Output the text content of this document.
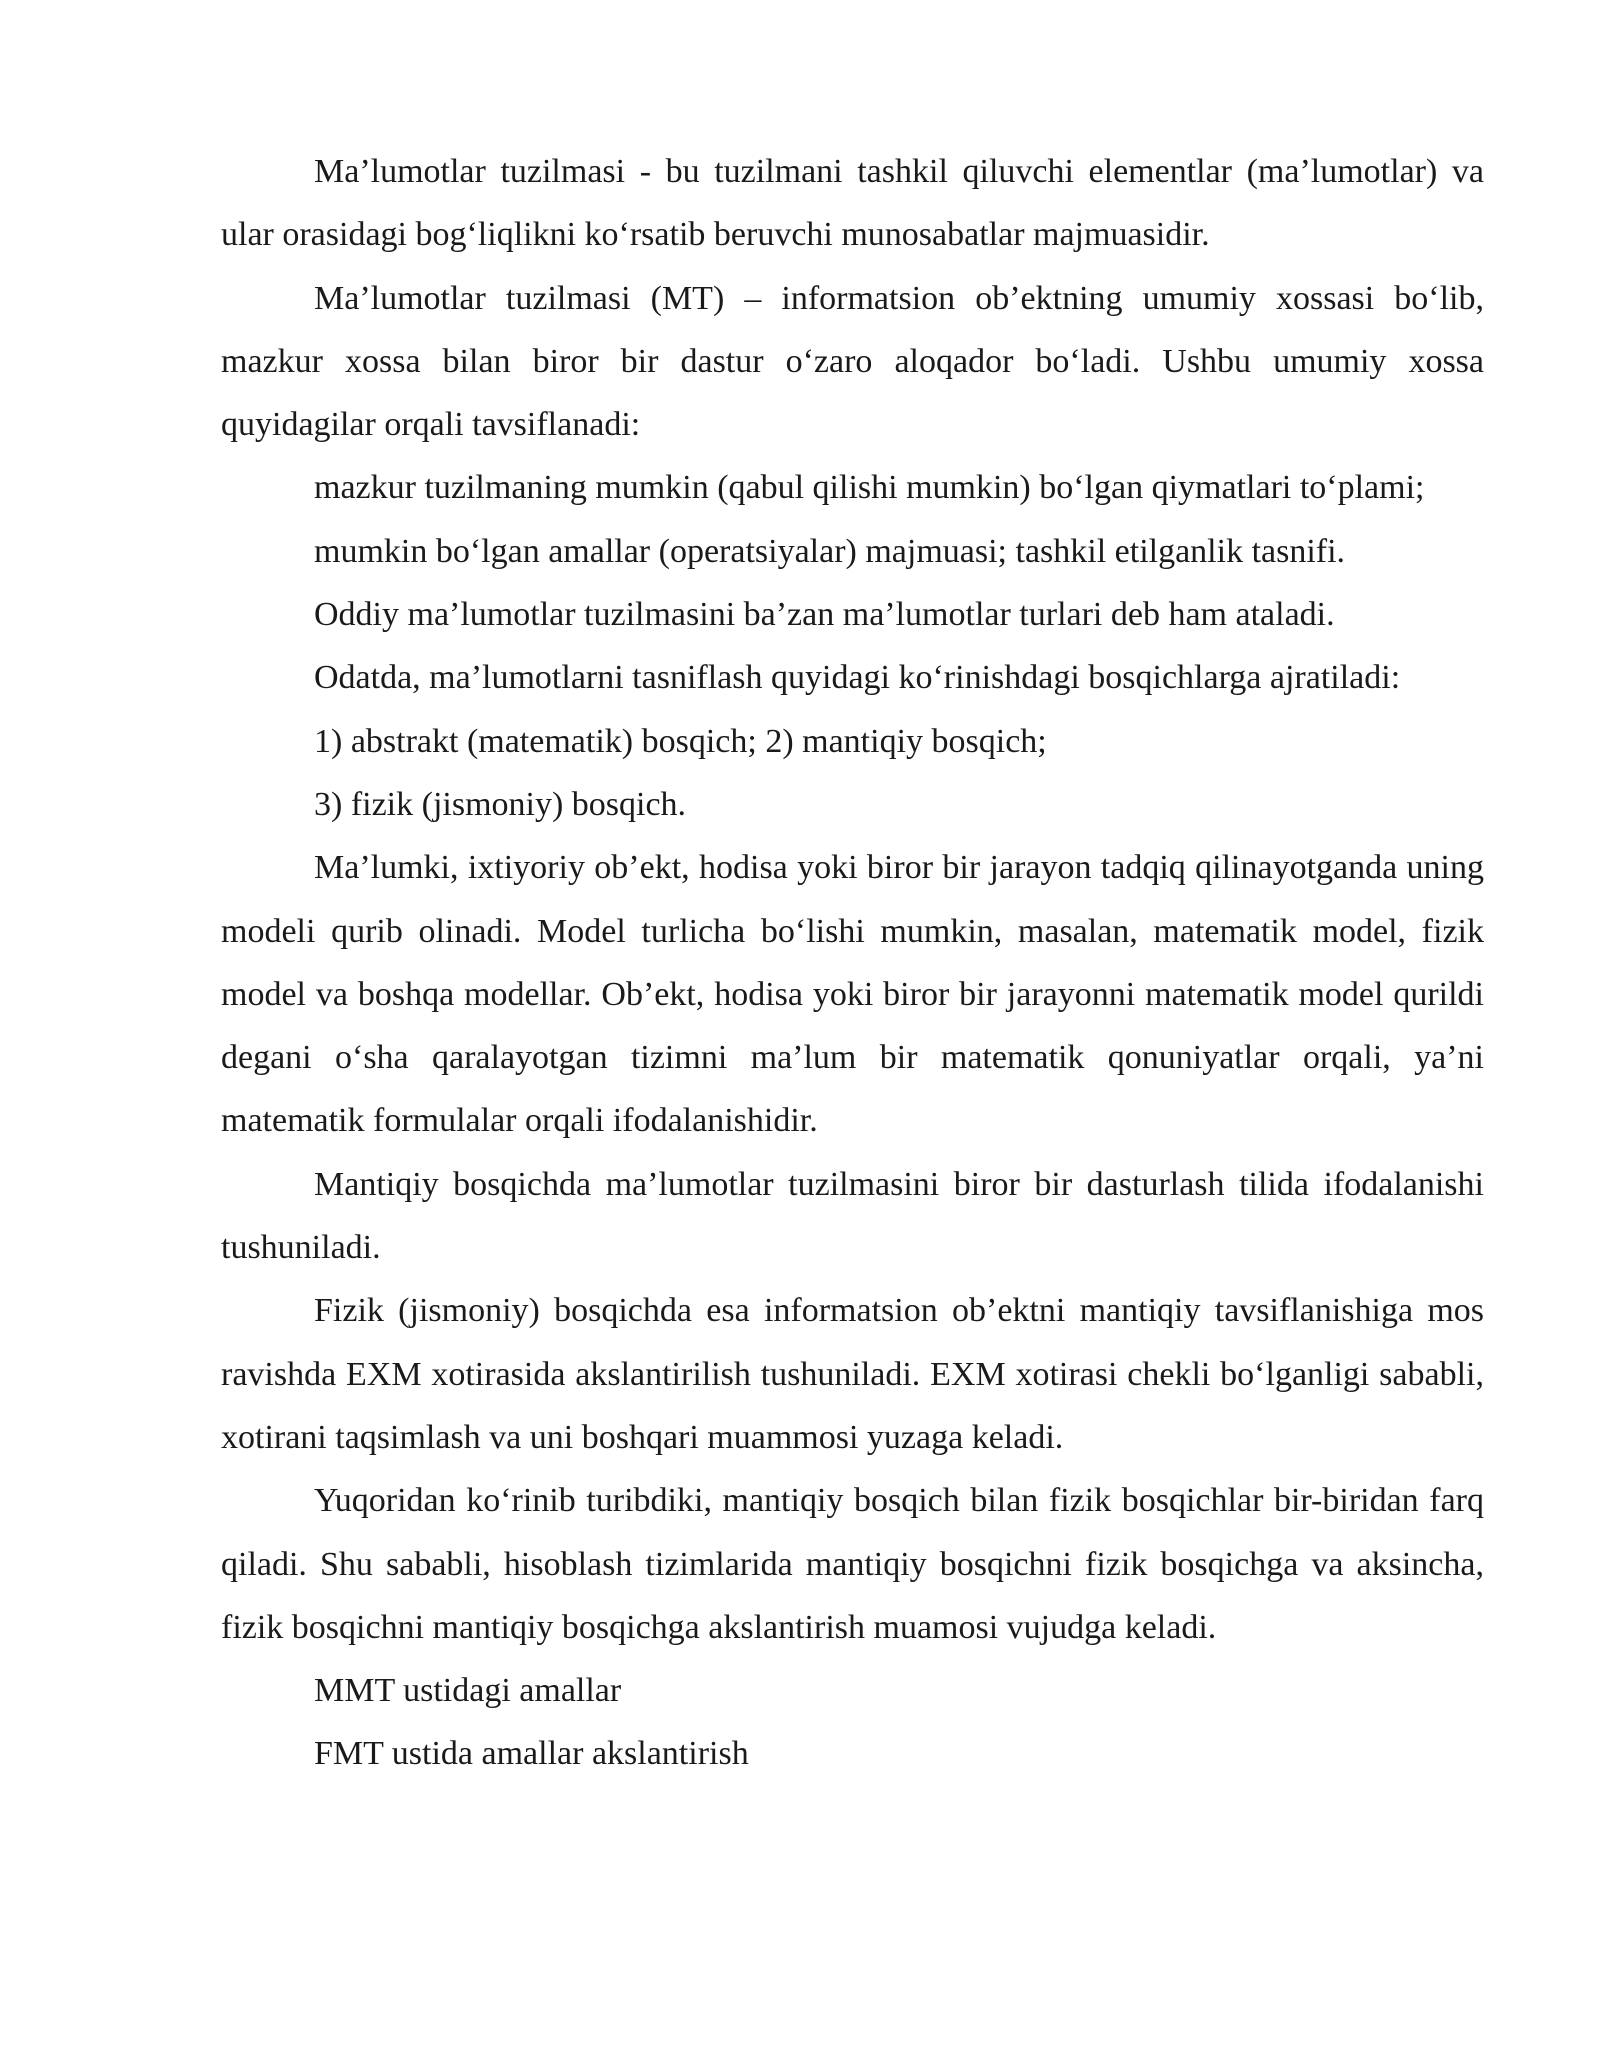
Ma’lumotlar tuzilmasi - bu tuzilmani tashkil qiluvchi elementlar (ma’lumotlar) va ular orasidagi bog‘liqlikni ko‘rsatib beruvchi munosabatlar majmuasidir.

Ma’lumotlar tuzilmasi (MT) – informatsion ob’ektning umumiy xossasi bo‘lib, mazkur xossa bilan biror bir dastur o‘zaro aloqador bo‘ladi. Ushbu umumiy xossa quyidagilar orqali tavsiflanadi:

mazkur tuzilmaning mumkin (qabul qilishi mumkin) bo‘lgan qiymatlari to‘plami;

mumkin bo‘lgan amallar (operatsiyalar) majmuasi; tashkil etilganlik tasnifi.

Oddiy ma’lumotlar tuzilmasini ba’zan ma’lumotlar turlari deb ham ataladi.

Odatda, ma’lumotlarni tasniflash quyidagi ko‘rinishdagi bosqichlarga ajratiladi:

1) abstrakt (matematik) bosqich; 2) mantiqiy bosqich;

3) fizik (jismoniy) bosqich.

Ma’lumki, ixtiyoriy ob’ekt, hodisa yoki biror bir jarayon tadqiq qilinayotganda uning modeli qurib olinadi. Model turlicha bo‘lishi mumkin, masalan, matematik model, fizik model va boshqa modellar. Ob’ekt, hodisa yoki biror bir jarayonni matematik model qurildi degani o‘sha qaralayotgan tizimni ma’lum bir matematik qonuniyatlar orqali, ya’ni matematik formulalar orqali ifodalanishidir.

Mantiqiy bosqichda ma’lumotlar tuzilmasini biror bir dasturlash tilida ifodalanishi tushuniladi.

Fizik (jismoniy) bosqichda esa informatsion ob’ektni mantiqiy tavsiflanishiga mos ravishda EXM xotirasida akslantirilish tushuniladi. EXM xotirasi chekli bo‘lganligi sababli, xotirani taqsimlash va uni boshqari muammosi yuzaga keladi.

Yuqoridan ko‘rinib turibdiki, mantiqiy bosqich bilan fizik bosqichlar bir-biridan farq qiladi. Shu sababli, hisoblash tizimlarida mantiqiy bosqichni fizik bosqichga va aksincha, fizik bosqichni mantiqiy bosqichga akslantirish muamosi vujudga keladi.

MMT ustidagi amallar

FMT ustida amallar akslantirish
